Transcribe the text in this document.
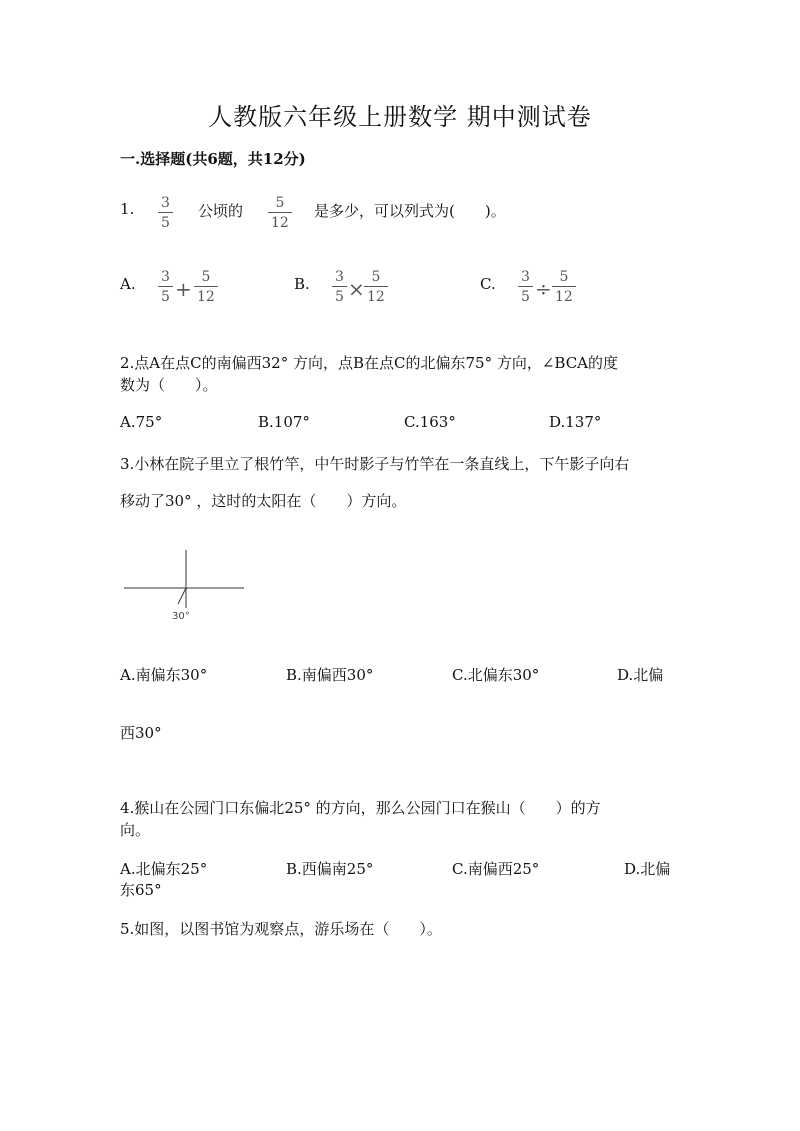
人教版六年级上册数学 期中测试卷
一.选择题(共6题，共12分)
1. $\frac{3}{5}$ 公顷的 $\frac{5}{12}$ 是多少，可以列式为(　　)。
A. $\frac{3}{5} + \frac{5}{12}$	B. $\frac{3}{5} \times \frac{5}{12}$	C. $\frac{3}{5} \div \frac{5}{12}$
2.点A在点C的南偏西32° 方向，点B在点C的北偏东75° 方向，∠BCA的度
数为（　　）。
A.75°	B.107°	C.163°	D.137°
3.小林在院子里立了根竹竿，中午时影子与竹竿在一条直线上，下午影子向右
移动了30° ，这时的太阳在（　　）方向。
30°
A.南偏东30°	B.南偏西30°	C.北偏东30°	D.北偏
西30°
4.猴山在公园门口东偏北25° 的方向，那么公园门口在猴山（　　）的方
向。
A.北偏东25°	B.西偏南25°	C.南偏西25°	D.北偏
东65°
5.如图，以图书馆为观察点，游乐场在（　　）。
